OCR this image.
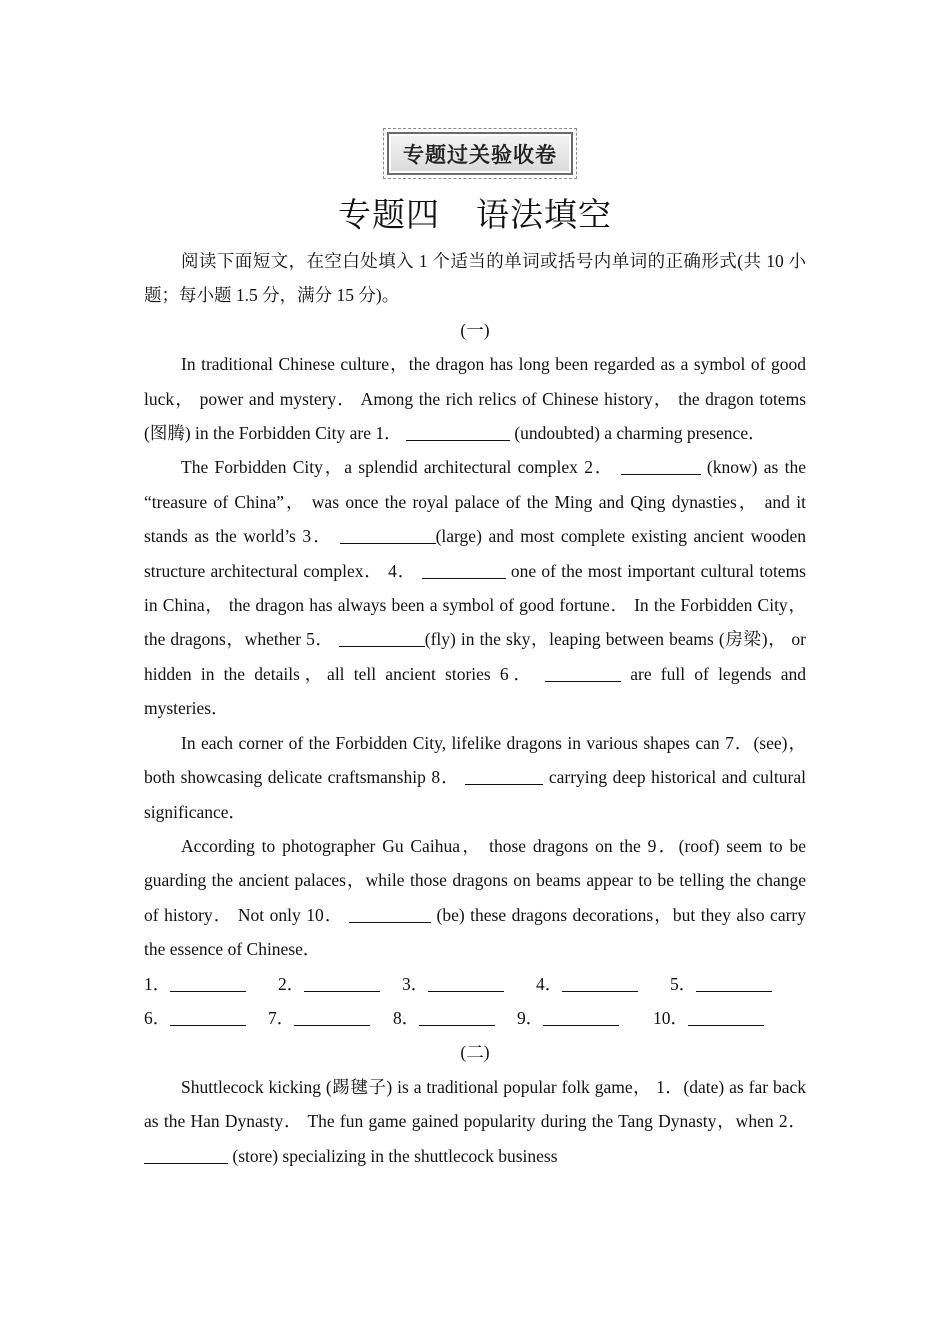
专题过关验收卷
专题四 语法填空

阅读下面短文，在空白处填入 1 个适当的单词或括号内单词的正确形式(共 10 小题；每小题 1.5 分，满分 15 分)。

(一)

In traditional Chinese culture，the dragon has long been regarded as a symbol of good luck， power and mystery． Among the rich relics of Chinese history， the dragon totems (图腾) in the Forbidden City are 1．	(undoubted) a charming presence．

The Forbidden City，a splendid architectural complex 2．	(know) as the “treasure of China”， was once the royal palace of the Ming and Qing dynasties， and it stands as the world’s 3．	(large) and most complete existing ancient wooden structure architectural complex． 4．	one of the most important cultural totems in China， the dragon has always been a symbol of good fortune． In the Forbidden City，the dragons，whether 5．	(fly) in the sky，leaping between beams (房梁)， or hidden in the details，all tell ancient stories 6．	are full of legends and mysteries．

In each corner of the Forbidden City, lifelike dragons in various shapes can 7．(see)，both showcasing delicate craftsmanship 8．	carrying deep historical and cultural significance．

According to photographer Gu Caihua， those dragons on the 9．(roof) seem to be guarding the ancient palaces，while those dragons on beams appear to be telling the change of history． Not only 10．	(be) these dragons decorations，but they also carry the essence of Chinese．

1．	2．	3．	4．	5．
6．	7．	8．	9．	10．

(二)

Shuttlecock kicking (踢毽子) is a traditional popular folk game， 1．(date) as far back as the Han Dynasty． The fun game gained popularity during the Tang Dynasty，when 2．  (store) specializing in the shuttlecock business
